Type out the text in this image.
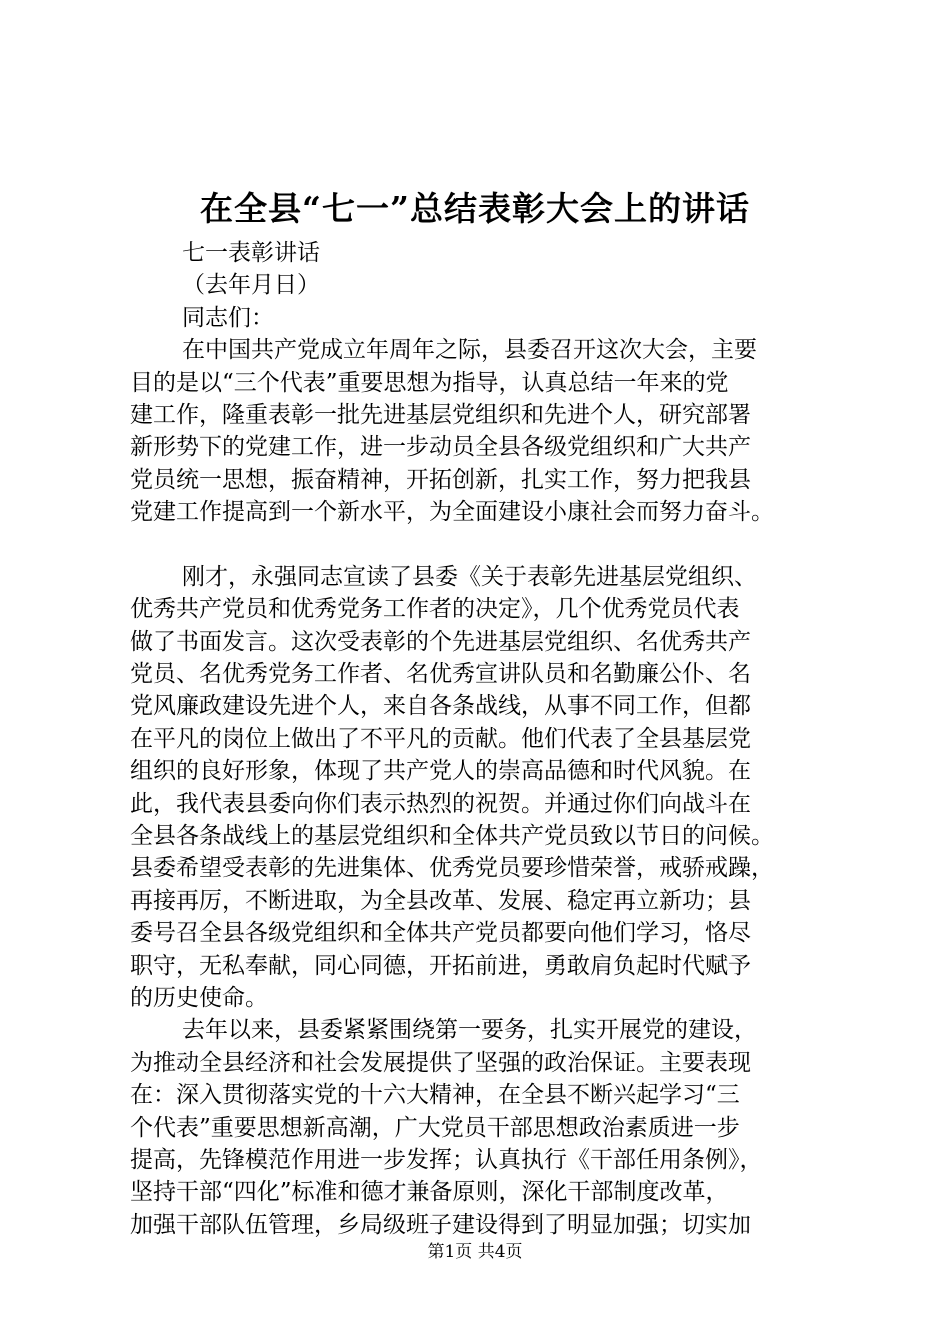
在全县“七一”总结表彰大会上的讲话
七一表彰讲话
（去年月日）
同志们：
在中国共产党成立年周年之际，县委召开这次大会，主要
目的是以“三个代表”重要思想为指导，认真总结一年来的党
建工作，隆重表彰一批先进基层党组织和先进个人，研究部署
新形势下的党建工作，进一步动员全县各级党组织和广大共产
党员统一思想，振奋精神，开拓创新，扎实工作，努力把我县
党建工作提高到一个新水平，为全面建设小康社会而努力奋斗。
刚才，永强同志宣读了县委《关于表彰先进基层党组织、
优秀共产党员和优秀党务工作者的决定》，几个优秀党员代表
做了书面发言。这次受表彰的个先进基层党组织、名优秀共产
党员、名优秀党务工作者、名优秀宣讲队员和名勤廉公仆、名
党风廉政建设先进个人，来自各条战线，从事不同工作，但都
在平凡的岗位上做出了不平凡的贡献。他们代表了全县基层党
组织的良好形象，体现了共产党人的崇高品德和时代风貌。在
此，我代表县委向你们表示热烈的祝贺。并通过你们向战斗在
全县各条战线上的基层党组织和全体共产党员致以节日的问候。
县委希望受表彰的先进集体、优秀党员要珍惜荣誉，戒骄戒躁，
再接再厉，不断进取，为全县改革、发展、稳定再立新功；县
委号召全县各级党组织和全体共产党员都要向他们学习，恪尽
职守，无私奉献，同心同德，开拓前进，勇敢肩负起时代赋予
的历史使命。
去年以来，县委紧紧围绕第一要务，扎实开展党的建设，
为推动全县经济和社会发展提供了坚强的政治保证。主要表现
在：深入贯彻落实党的十六大精神，在全县不断兴起学习“三
个代表”重要思想新高潮，广大党员干部思想政治素质进一步
提高，先锋模范作用进一步发挥；认真执行《干部任用条例》，
坚持干部“四化”标准和德才兼备原则，深化干部制度改革，
加强干部队伍管理，乡局级班子建设得到了明显加强；切实加
第1页 共4页
